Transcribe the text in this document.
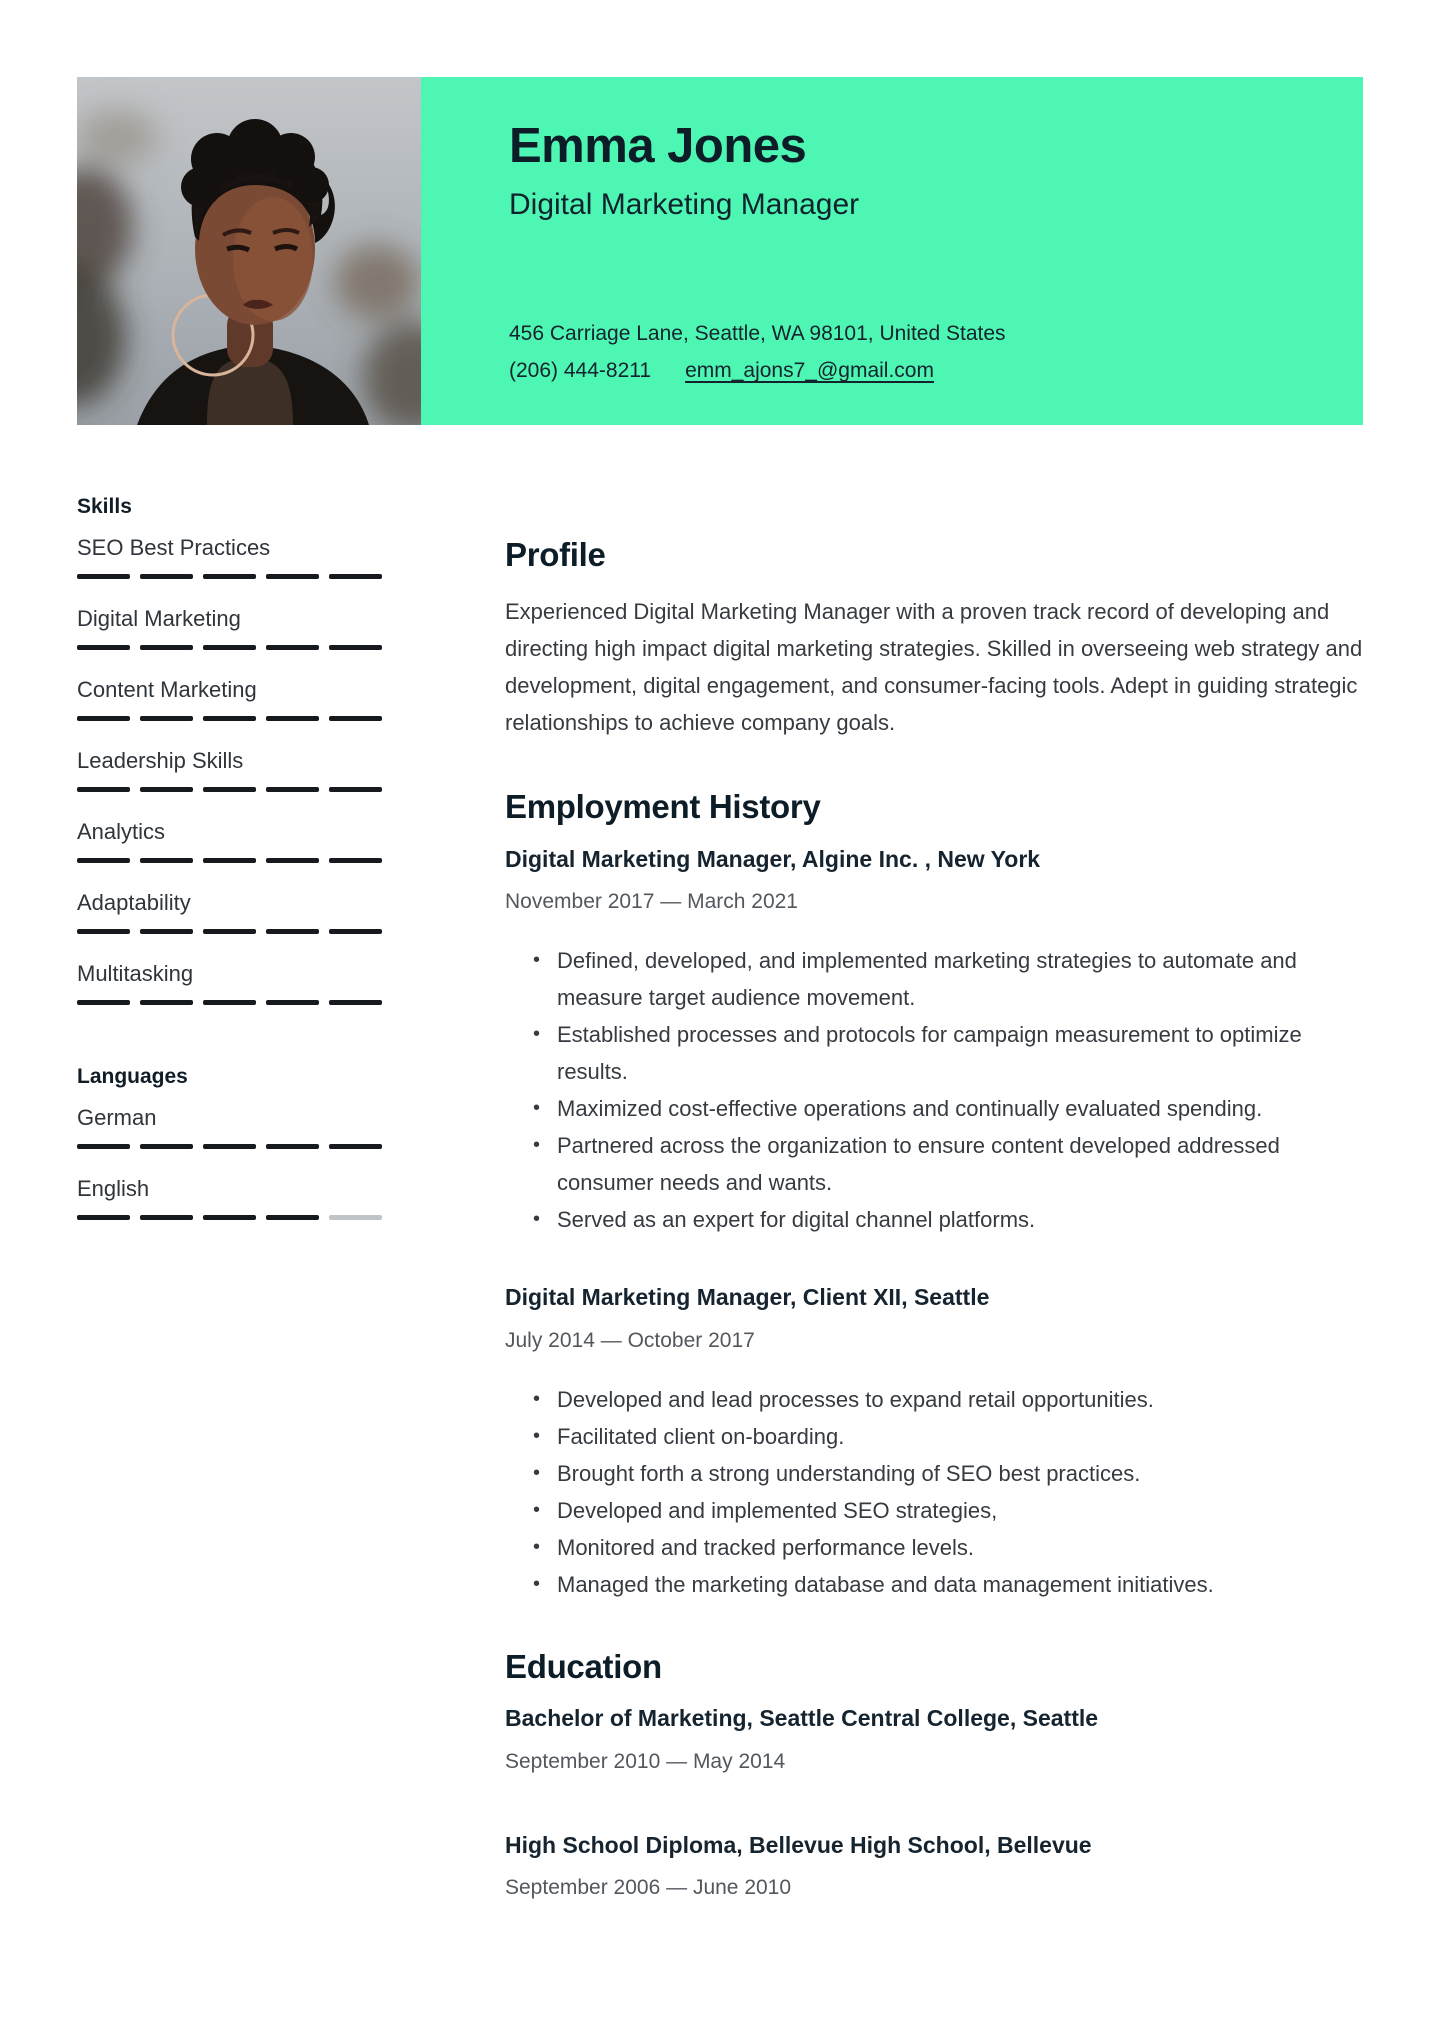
Emma Jones
Digital Marketing Manager
456 Carriage Lane, Seattle, WA 98101, United States
(206) 444-8211 emm_ajons7_@gmail.com
Skills
SEO Best Practices
Digital Marketing
Content Marketing
Leadership Skills
Analytics
Adaptability
Multitasking
Languages
German
English
Profile

Experienced Digital Marketing Manager with a proven track record of developing and directing high impact digital marketing strategies. Skilled in overseeing web strategy and development, digital engagement, and consumer-facing tools. Adept in guiding strategic relationships to achieve company goals.

Employment History
Digital Marketing Manager, Algine Inc. , New York
November 2017 — March 2021
• Defined, developed, and implemented marketing strategies to automate and measure target audience movement.
• Established processes and protocols for campaign measurement to optimize results.
• Maximized cost-effective operations and continually evaluated spending.
• Partnered across the organization to ensure content developed addressed consumer needs and wants.
• Served as an expert for digital channel platforms.
Digital Marketing Manager, Client XII, Seattle
July 2014 — October 2017
• Developed and lead processes to expand retail opportunities.
• Facilitated client on-boarding.
• Brought forth a strong understanding of SEO best practices.
• Developed and implemented SEO strategies,
• Monitored and tracked performance levels.
• Managed the marketing database and data management initiatives.
Education
Bachelor of Marketing, Seattle Central College, Seattle
September 2010 — May 2014
High School Diploma, Bellevue High School, Bellevue
September 2006 — June 2010
